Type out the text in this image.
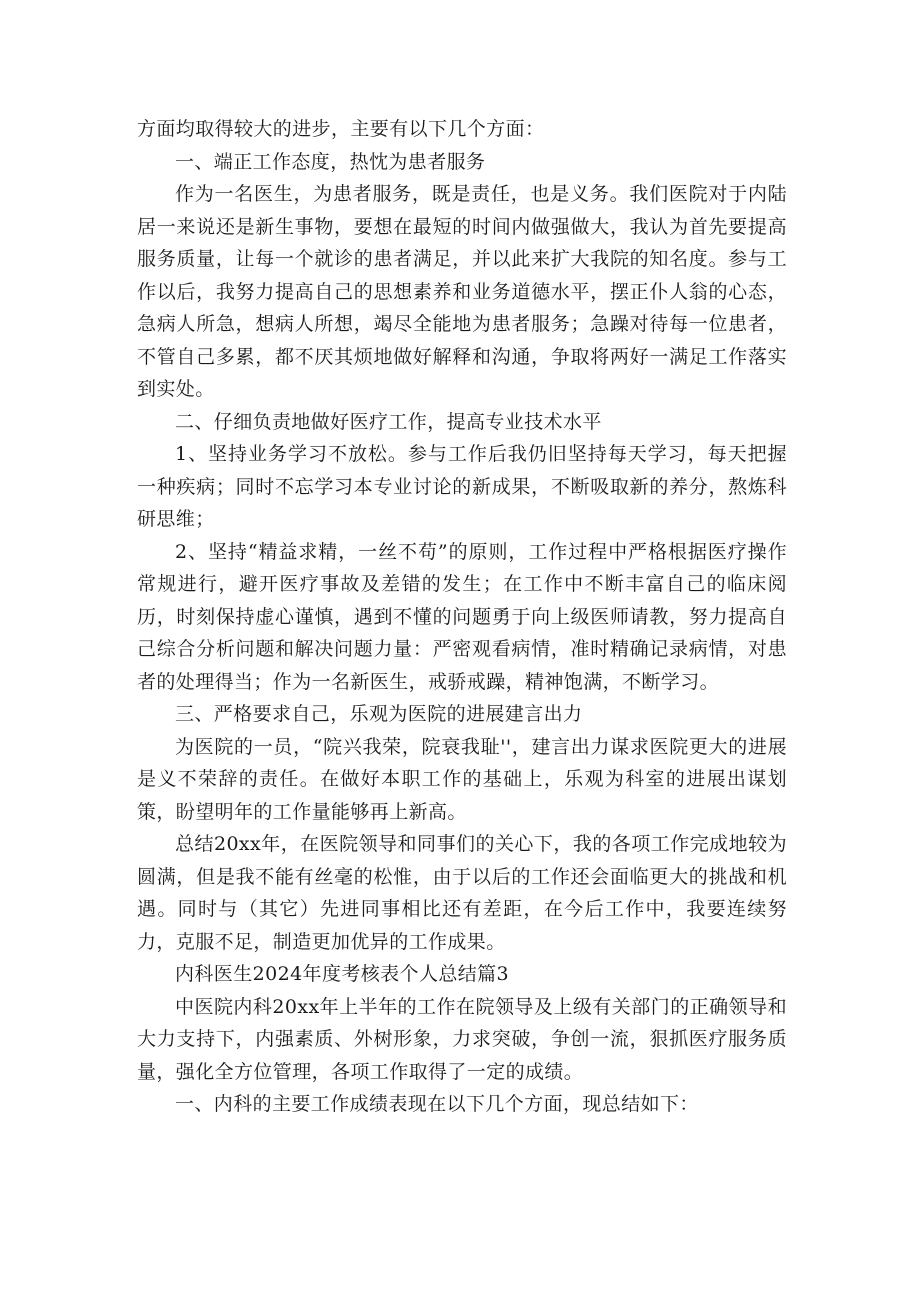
方面均取得较大的进步，主要有以下几个方面：

一、端正工作态度，热忱为患者服务

作为一名医生，为患者服务，既是责任，也是义务。我们医院对于内陆居一来说还是新生事物，要想在最短的时间内做强做大，我认为首先要提高服务质量，让每一个就诊的患者满足，并以此来扩大我院的知名度。参与工作以后，我努力提高自己的思想素养和业务道德水平，摆正仆人翁的心态，急病人所急，想病人所想，竭尽全能地为患者服务；急躁对待每一位患者，不管自己多累，都不厌其烦地做好解释和沟通，争取将两好一满足工作落实到实处。

二、仔细负责地做好医疗工作，提高专业技术水平

1、坚持业务学习不放松。参与工作后我仍旧坚持每天学习，每天把握一种疾病；同时不忘学习本专业讨论的新成果，不断吸取新的养分，熬炼科研思维；

2、坚持“精益求精，一丝不苟”的原则，工作过程中严格根据医疗操作常规进行，避开医疗事故及差错的发生；在工作中不断丰富自己的临床阅历，时刻保持虚心谨慎，遇到不懂的问题勇于向上级医师请教，努力提高自己综合分析问题和解决问题力量：严密观看病情，准时精确记录病情，对患者的处理得当；作为一名新医生，戒骄戒躁，精神饱满，不断学习。

三、严格要求自己，乐观为医院的进展建言出力

为医院的一员，“院兴我荣，院衰我耻''，建言出力谋求医院更大的进展是义不荣辞的责任。在做好本职工作的基础上，乐观为科室的进展出谋划策，盼望明年的工作量能够再上新高。

总结20xx年，在医院领导和同事们的关心下，我的各项工作完成地较为圆满，但是我不能有丝毫的松惟，由于以后的工作还会面临更大的挑战和机遇。同时与（其它）先进同事相比还有差距，在今后工作中，我要连续努力，克服不足，制造更加优异的工作成果。

内科医生2024年度考核表个人总结篇3

中医院内科20xx年上半年的工作在院领导及上级有关部门的正确领导和大力支持下，内强素质、外树形象，力求突破，争创一流，狠抓医疗服务质量，强化全方位管理，各项工作取得了一定的成绩。

一、内科的主要工作成绩表现在以下几个方面，现总结如下：
